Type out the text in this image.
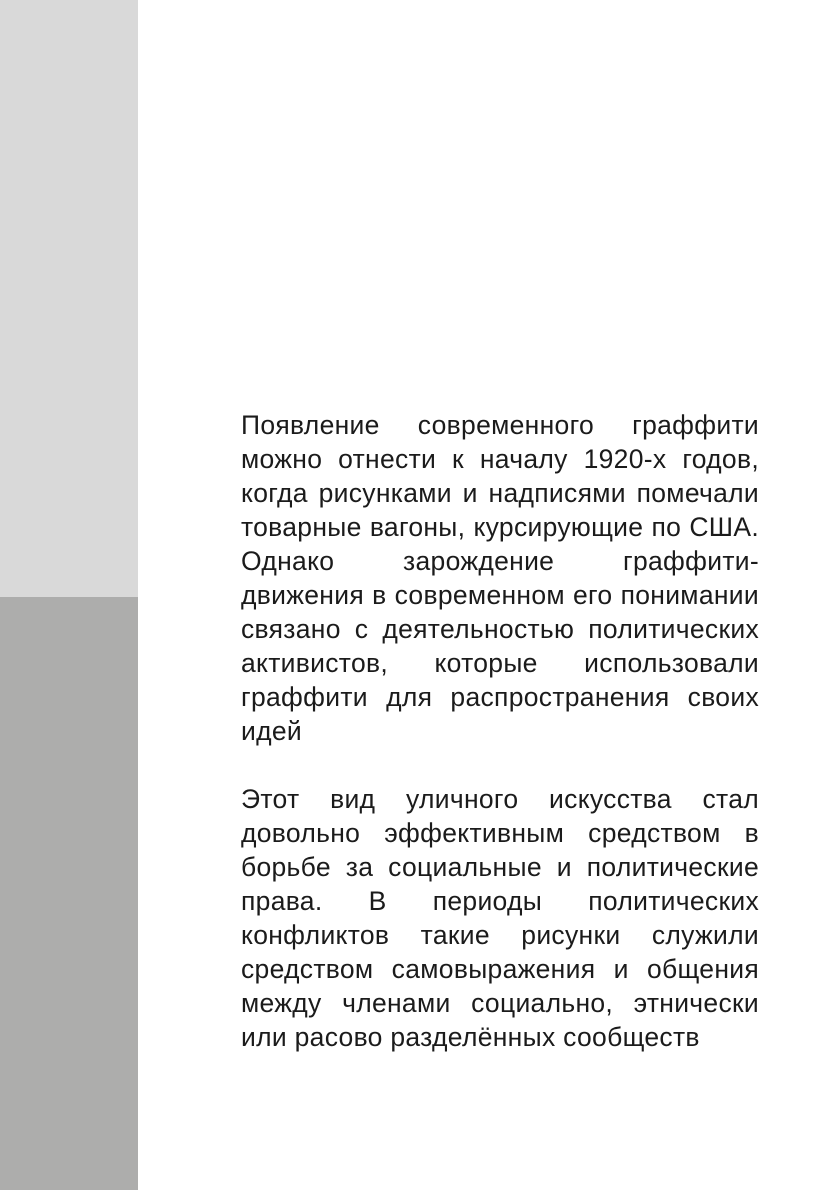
Появление современного граффити можно отнести к началу 1920-х годов, когда рисунками и надписями помечали товарные вагоны, курсирующие по США. Однако зарождение граффити-движения в современном его понимании связано с деятельностью политических активистов, которые использовали граффити для распространения своих идей

Этот вид уличного искусства стал довольно эффективным средством в борьбе за социальные и политические права. В периоды политических конфликтов такие рисунки служили средством самовыражения и общения между членами социально, этнически или расово разделённых сообществ
